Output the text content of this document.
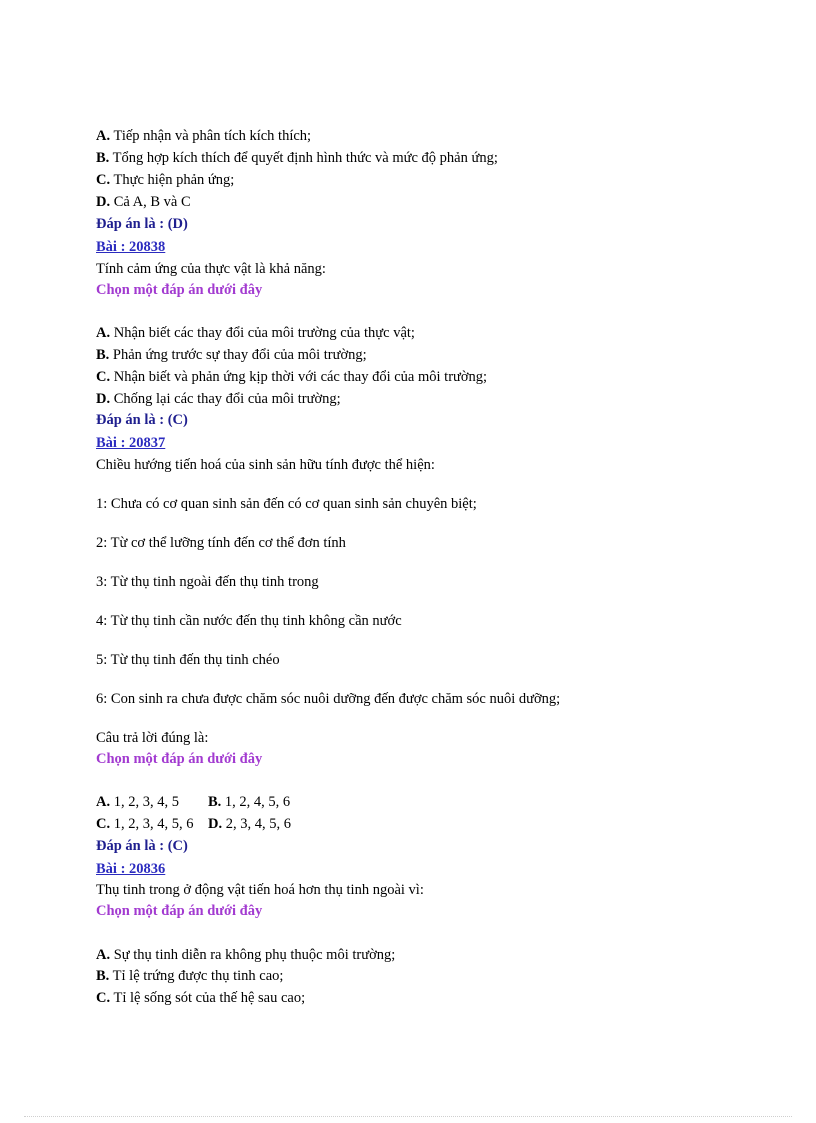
A. Tiếp nhận và phân tích kích thích;
B. Tổng hợp kích thích để quyết định hình thức và mức độ phản ứng;
C. Thực hiện phản ứng;
D. Cả A, B và C
Đáp án là : (D)
Bài : 20838
Tính cảm ứng của thực vật là khả năng:
Chọn một đáp án dưới đây
A. Nhận biết các thay đổi của môi trường của thực vật;
B. Phản ứng trước sự thay đổi của môi trường;
C. Nhận biết và phản ứng kịp thời với các thay đổi của môi trường;
D. Chống lại các thay đổi của môi trường;
Đáp án là : (C)
Bài : 20837
Chiều hướng tiến hoá của sinh sản hữu tính được thể hiện:
1: Chưa có cơ quan sinh sản đến có cơ quan sinh sản chuyên biệt;
2: Từ cơ thể lưỡng tính đến cơ thể đơn tính
3: Từ thụ tinh ngoài đến thụ tinh trong
4: Từ thụ tinh cần nước đến thụ tinh không cần nước
5: Từ thụ tinh đến thụ tinh chéo
6: Con sinh ra chưa được chăm sóc nuôi dưỡng đến được chăm sóc nuôi dưỡng;
Câu trả lời đúng là:
Chọn một đáp án dưới đây
A. 1, 2, 3, 4, 5 B. 1, 2, 4, 5, 6
C. 1, 2, 3, 4, 5, 6 D. 2, 3, 4, 5, 6
Đáp án là : (C)
Bài : 20836
Thụ tinh trong ở động vật tiến hoá hơn thụ tinh ngoài vì:
Chọn một đáp án dưới đây
A. Sự thụ tinh diễn ra không phụ thuộc môi trường;
B. Tỉ lệ trứng được thụ tinh cao;
C. Tỉ lệ sống sót của thế hệ sau cao;
